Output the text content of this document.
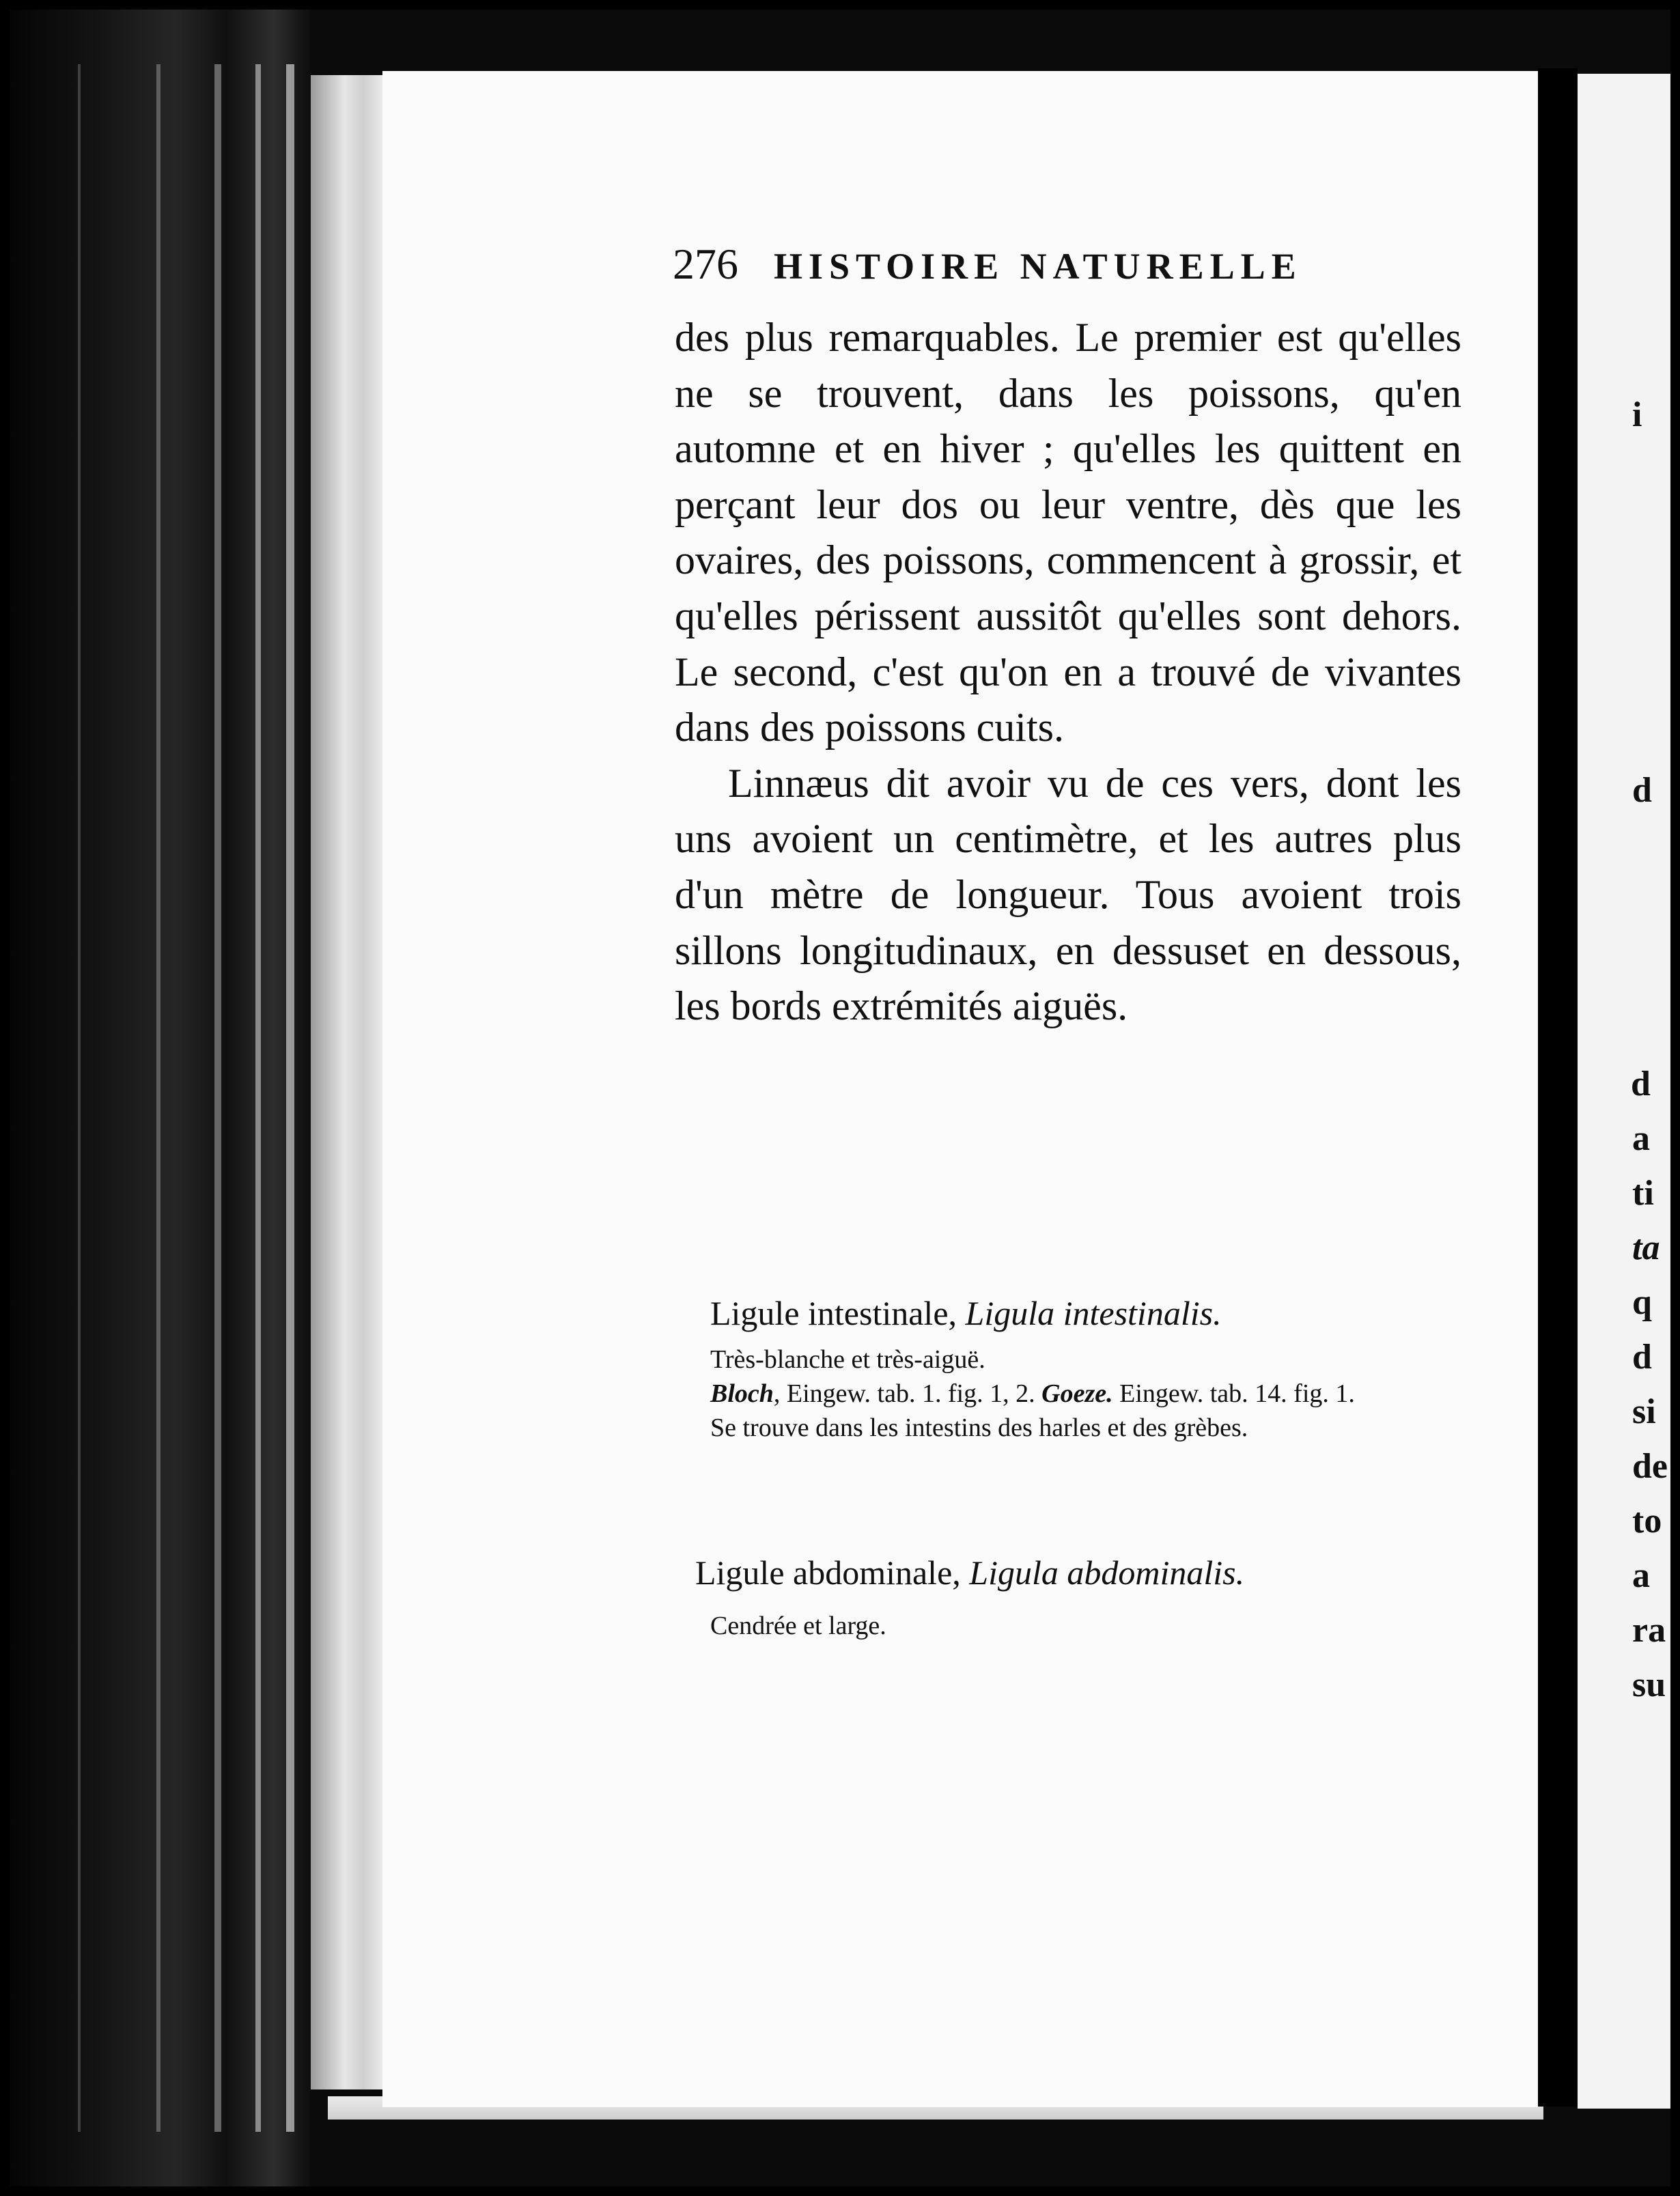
276 HISTOIRE NATURELLE

des plus remarquables. Le premier est qu'elles ne se trouvent, dans les poissons, qu'en automne et en hiver ; qu'elles les quittent en perçant leur dos ou leur ventre, dès que les ovaires, des poissons, commencent à grossir, et qu'elles périssent aussitôt qu'elles sont dehors. Le second, c'est qu'on en a trouvé de vivantes dans des poissons cuits.

Linnæus dit avoir vu de ces vers, dont les uns avoient un centimètre, et les autres plus d'un mètre de longueur. Tous avoient trois sillons longitudinaux, en dessuset en dessous, les bords extrémités aiguës.

Ligule intestinale, Ligula intestinalis.

Très-blanche et très-aiguë.

Bloch, Eingew. tab. 1. fig. 1, 2. Goeze. Eingew. tab. 14. fig. 1.

Se trouve dans les intestins des harles et des grèbes.

Ligule abdominale, Ligula abdominalis.

Cendrée et large.

i
d
d
a
ti
ta
q
d
si
de
to
a
ra
su
